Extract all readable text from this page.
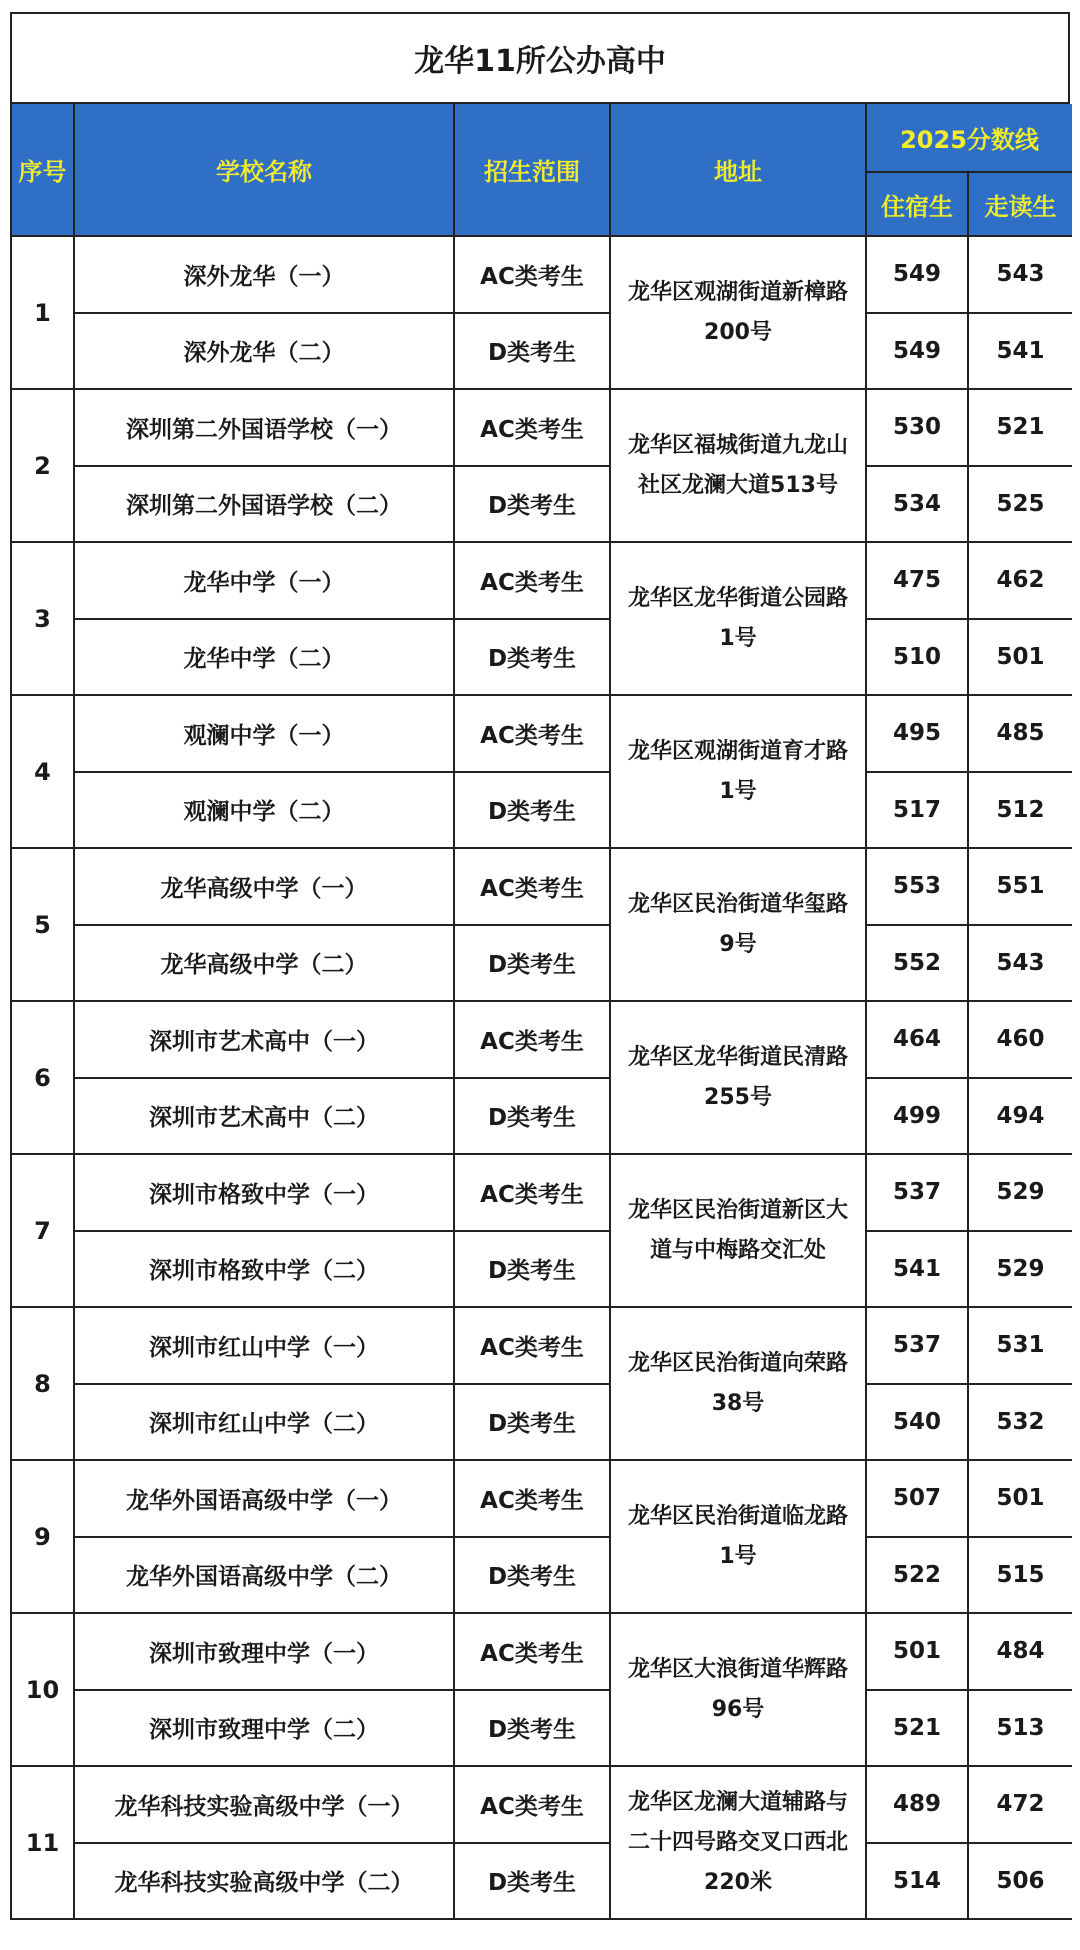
龙华11所公办高中
序号	学校名称	招生范围	地址	2025分数线	
				住宿生	走读生
1	深外龙华（一）	AC类考生	龙华区观湖街道新樟路200号	549	543
	深外龙华（二）	D类考生		549	541
2	深圳第二外国语学校（一）	AC类考生	龙华区福城街道九龙山社区龙澜大道513号	530	521
	深圳第二外国语学校（二）	D类考生		534	525
3	龙华中学（一）	AC类考生	龙华区龙华街道公园路1号	475	462
	龙华中学（二）	D类考生		510	501
4	观澜中学（一）	AC类考生	龙华区观湖街道育才路1号	495	485
	观澜中学（二）	D类考生		517	512
5	龙华高级中学（一）	AC类考生	龙华区民治街道华玺路9号	553	551
	龙华高级中学（二）	D类考生		552	543
6	深圳市艺术高中（一）	AC类考生	龙华区龙华街道民清路255号	464	460
	深圳市艺术高中（二）	D类考生		499	494
7	深圳市格致中学（一）	AC类考生	龙华区民治街道新区大道与中梅路交汇处	537	529
	深圳市格致中学（二）	D类考生		541	529
8	深圳市红山中学（一）	AC类考生	龙华区民治街道向荣路38号	537	531
	深圳市红山中学（二）	D类考生		540	532
9	龙华外国语高级中学（一）	AC类考生	龙华区民治街道临龙路1号	507	501
	龙华外国语高级中学（二）	D类考生		522	515
10	深圳市致理中学（一）	AC类考生	龙华区大浪街道华辉路96号	501	484
	深圳市致理中学（二）	D类考生		521	513
11	龙华科技实验高级中学（一）	AC类考生	龙华区龙澜大道辅路与二十四号路交叉口西北220米	489	472
	龙华科技实验高级中学（二）	D类考生		514	506
